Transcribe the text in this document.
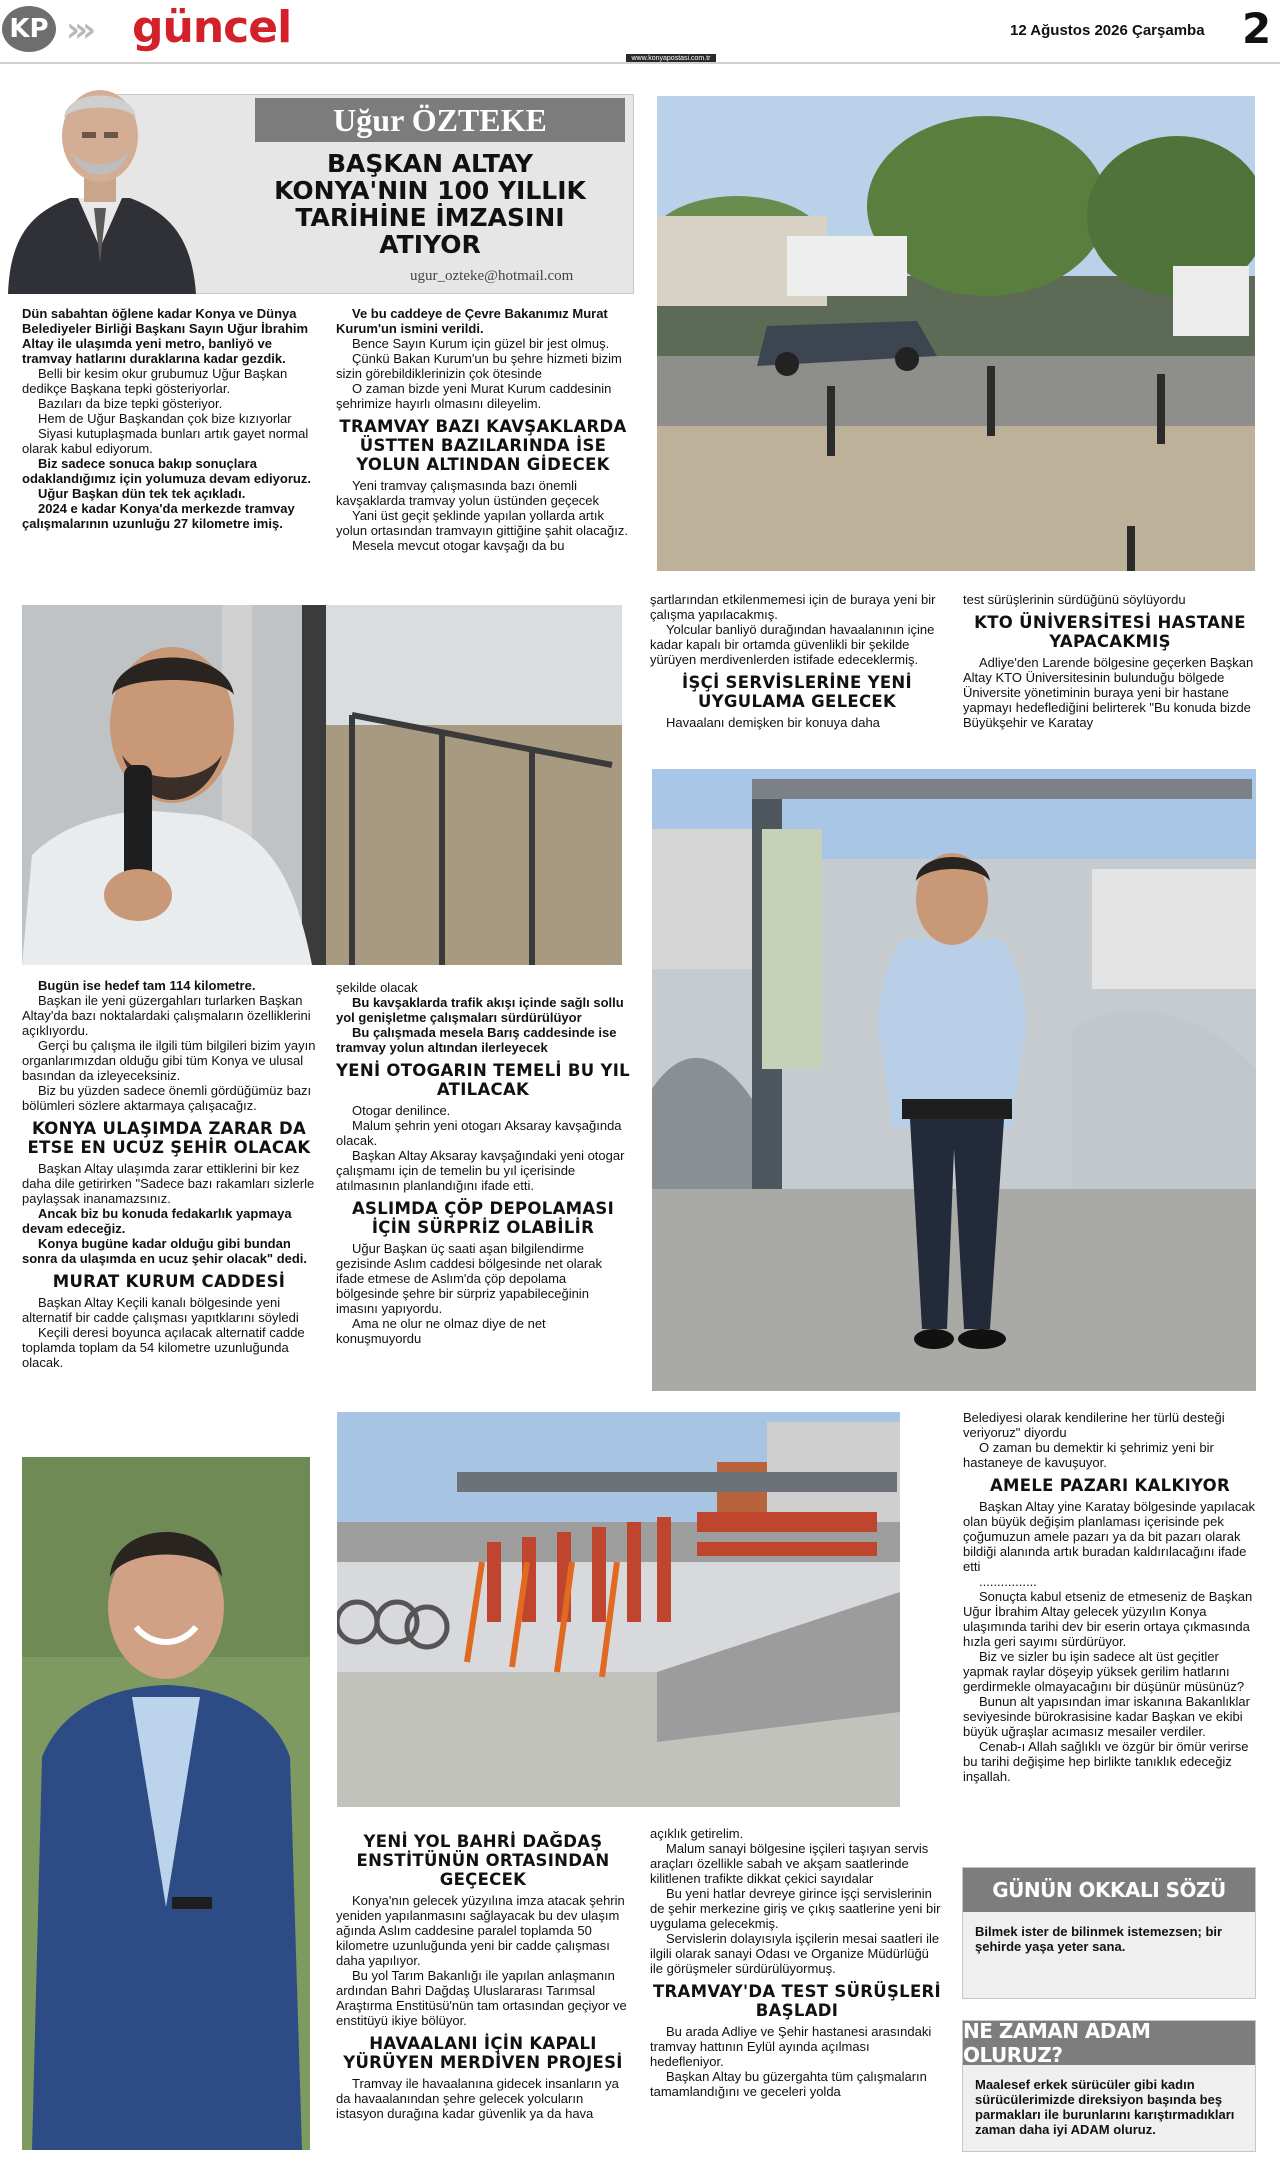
KP ››› güncel
www.konyapostasi.com.tr
12 Ağustos 2026 Çarşamba 2
Uğur ÖZTEKE
BAŞKAN ALTAY KONYA'NIN 100 YILLIK TARİHİNE İMZASINI ATIYOR
ugur_ozteke@hotmail.com

Dün sabahtan öğlene kadar Konya ve Dünya Belediyeler Birliği Başkanı Sayın Uğur İbrahim Altay ile ulaşımda yeni metro, banliyö ve tramvay hatlarını duraklarına kadar gezdik.

Belli bir kesim okur grubumuz Uğur Başkan dedikçe Başkana tepki gösteriyorlar.

Bazıları da bize tepki gösteriyor.

Hem de Uğur Başkandan çok bize kızıyorlar

Siyasi kutuplaşmada bunları artık gayet normal olarak kabul ediyorum.

Biz sadece sonuca bakıp sonuçlara odaklandığımız için yolumuza devam ediyoruz.

Uğur Başkan dün tek tek açıkladı.

2024 e kadar Konya'da merkezde tramvay çalışmalarının uzunluğu 27 kilometre imiş.

Ve bu caddeye de Çevre Bakanımız Murat Kurum'un ismini verildi.

Bence Sayın Kurum için güzel bir jest olmuş.

Çünkü Bakan Kurum'un bu şehre hizmeti bizim sizin görebildiklerinizin çok ötesinde

O zaman bizde yeni Murat Kurum caddesinin şehrimize hayırlı olmasını dileyelim.

TRAMVAY BAZI KAVŞAKLARDA ÜSTTEN BAZILARINDA İSE YOLUN ALTINDAN GİDECEK

Yeni tramvay çalışmasında bazı önemli kavşaklarda tramvay yolun üstünden geçecek

Yani üst geçit şeklinde yapılan yollarda artık yolun ortasından tramvayın gittiğine şahit olacağız.

Mesela mevcut otogar kavşağı da bu

şartlarından etkilenmemesi için de buraya yeni bir çalışma yapılacakmış.

Yolcular banliyö durağından havaalanının içine kadar kapalı bir ortamda güvenlikli bir şekilde yürüyen merdivenlerden istifade edeceklermiş.

İŞÇİ SERVİSLERİNE YENİ UYGULAMA GELECEK

Havaalanı demişken bir konuya daha

test sürüşlerinin sürdüğünü söylüyordu

KTO ÜNİVERSİTESİ HASTANE YAPACAKMIŞ

Adliye'den Larende bölgesine geçerken Başkan Altay KTO Üniversitesinin bulunduğu bölgede Üniversite yönetiminin buraya yeni bir hastane yapmayı hedeflediğini belirterek "Bu konuda bizde Büyükşehir ve Karatay

Bugün ise hedef tam 114 kilometre.

Başkan ile yeni güzergahları turlarken Başkan Altay'da bazı noktalardaki çalışmaların özelliklerini açıklıyordu.

Gerçi bu çalışma ile ilgili tüm bilgileri bizim yayın organlarımızdan olduğu gibi tüm Konya ve ulusal basından da izleyeceksiniz.

Biz bu yüzden sadece önemli gördüğümüz bazı bölümleri sözlere aktarmaya çalışacağız.

KONYA ULAŞIMDA ZARAR DA ETSE EN UCUZ ŞEHİR OLACAK

Başkan Altay ulaşımda zarar ettiklerini bir kez daha dile getirirken "Sadece bazı rakamları sizlerle paylaşsak inanamazsınız.

Ancak biz bu konuda fedakarlık yapmaya devam edeceğiz.

Konya bugüne kadar olduğu gibi bundan sonra da ulaşımda en ucuz şehir olacak" dedi.

MURAT KURUM CADDESİ

Başkan Altay Keçili kanalı bölgesinde yeni alternatif bir cadde çalışması yapıtklarını söyledi

Keçili deresi boyunca açılacak alternatif cadde toplamda toplam da 54 kilometre uzunluğunda olacak.

şekilde olacak

Bu kavşaklarda trafik akışı içinde sağlı sollu yol genişletme çalışmaları sürdürülüyor

Bu çalışmada mesela Barış caddesinde ise tramvay yolun altından ilerleyecek

YENİ OTOGARIN TEMELİ BU YIL ATILACAK

Otogar denilince.

Malum şehrin yeni otogarı Aksaray kavşağında olacak.

Başkan Altay Aksaray kavşağındaki yeni otogar çalışmamı için de temelin bu yıl içerisinde atılmasının planlandığını ifade etti.

ASLIMDA ÇÖP DEPOLAMASI İÇİN SÜRPRİZ OLABİLİR

Uğur Başkan üç saati aşan bilgilendirme gezisinde Aslım caddesi bölgesinde net olarak ifade etmese de Aslım'da çöp depolama bölgesinde şehre bir sürpriz yapabileceğinin imasını yapıyordu.

Ama ne olur ne olmaz diye de net konuşmuyordu

Belediyesi olarak kendilerine her türlü desteği veriyoruz" diyordu

O zaman bu demektir ki şehrimiz yeni bir hastaneye de kavuşuyor.

AMELE PAZARI KALKIYOR

Başkan Altay yine Karatay bölgesinde yapılacak olan büyük değişim planlaması içerisinde pek çoğumuzun amele pazarı ya da bit pazarı olarak bildiği alanında artık buradan kaldırılacağını ifade etti

................

Sonuçta kabul etseniz de etmeseniz de Başkan Uğur İbrahim Altay gelecek yüzyılın Konya ulaşımında tarihi dev bir eserin ortaya çıkmasında hızla geri sayımı sürdürüyor.

Biz ve sizler bu işin sadece alt üst geçitler yapmak raylar döşeyip yüksek gerilim hatlarını gerdirmekle olmayacağını bir düşünür müsünüz?

Bunun alt yapısından imar iskanına Bakanlıklar seviyesinde bürokrasisine kadar Başkan ve ekibi büyük uğraşlar acımasız mesailer verdiler.

Cenab-ı Allah sağlıklı ve özgür bir ömür verirse bu tarihi değişime hep birlikte tanıklık edeceğiz inşallah.

YENİ YOL BAHRİ DAĞDAŞ ENSTİTÜNÜN ORTASINDAN GEÇECEK

Konya'nın gelecek yüzyılına imza atacak şehrin yeniden yapılanmasını sağlayacak bu dev ulaşım ağında Aslım caddesine paralel toplamda 50 kilometre uzunluğunda yeni bir cadde çalışması daha yapılıyor.

Bu yol Tarım Bakanlığı ile yapılan anlaşmanın ardından Bahri Dağdaş Uluslararası Tarımsal Araştırma Enstitüsü'nün tam ortasından geçiyor ve enstitüyü ikiye bölüyor.

HAVAALANI İÇİN KAPALI YÜRÜYEN MERDİVEN PROJESİ

Tramvay ile havaalanına gidecek insanların ya da havaalanından şehre gelecek yolcuların istasyon durağına kadar güvenlik ya da hava

açıklık getirelim.

Malum sanayi bölgesine işçileri taşıyan servis araçları özellikle sabah ve akşam saatlerinde kilitlenen trafikte dikkat çekici sayıdalar

Bu yeni hatlar devreye girince işçi servislerinin de şehir merkezine giriş ve çıkış saatlerine yeni bir uygulama gelecekmiş.

Servislerin dolayısıyla işçilerin mesai saatleri ile ilgili olarak sanayi Odası ve Organize Müdürlüğü ile görüşmeler sürdürülüyormuş.

TRAMVAY'DA TEST SÜRÜŞLERİ BAŞLADI

Bu arada Adliye ve Şehir hastanesi arasındaki tramvay hattının Eylül ayında açılması hedefleniyor.

Başkan Altay bu güzergahta tüm çalışmaların tamamlandığını ve geceleri yolda

GÜNÜN OKKALI SÖZÜ
Bilmek ister de bilinmek istemezsen; bir şehirde yaşa yeter sana.
NE ZAMAN ADAM OLURUZ?
Maalesef erkek sürücüler gibi kadın sürücülerimizde direksiyon başında beş parmakları ile burunlarını karıştırmadıkları zaman daha iyi ADAM oluruz.
